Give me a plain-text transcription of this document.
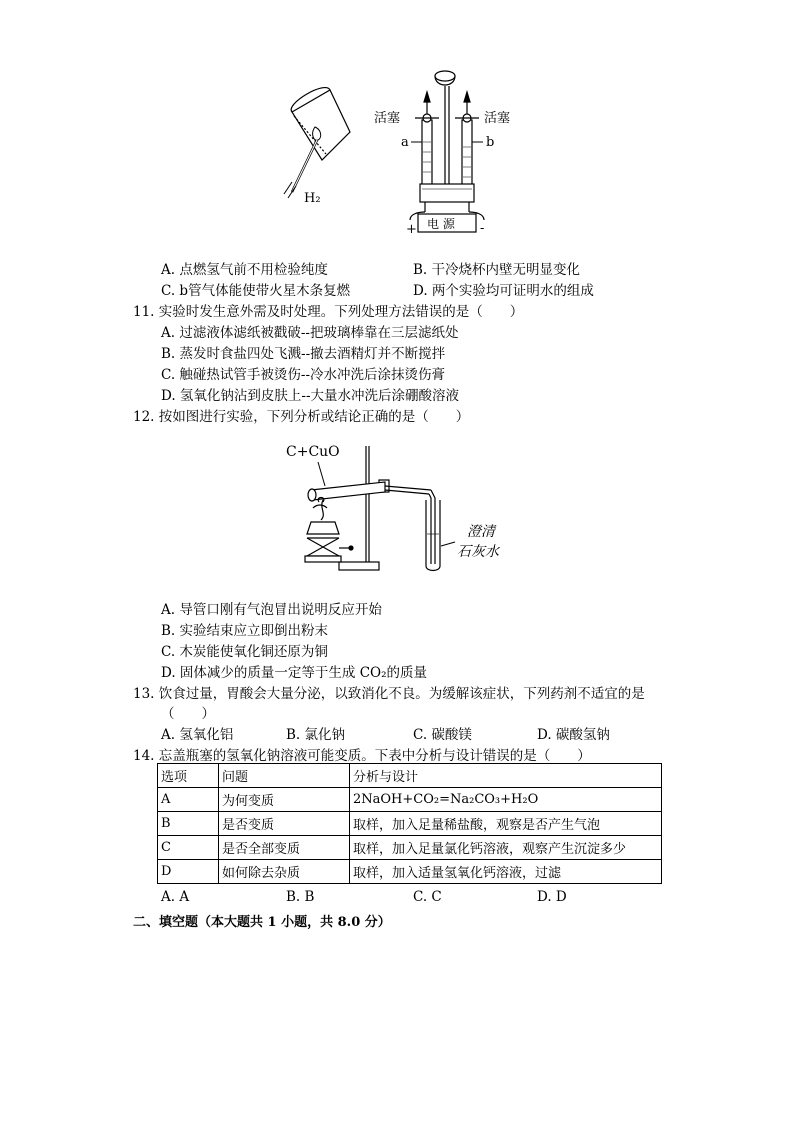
H₂
活塞	活塞
a	b
电 源
+	-
A. 点燃氢气前不用检验纯度	B. 干冷烧杯内壁无明显变化
C. b管气体能使带火星木条复燃	D. 两个实验均可证明水的组成
11. 实验时发生意外需及时处理。下列处理方法错误的是（　　）
A. 过滤液体滤纸被戳破--把玻璃棒靠在三层滤纸处
B. 蒸发时食盐四处飞溅--撤去酒精灯并不断搅拌
C. 触碰热试管手被烫伤--冷水冲洗后涂抹烫伤膏
D. 氢氧化钠沾到皮肤上--大量水冲洗后涂硼酸溶液
12. 按如图进行实验，下列分析或结论正确的是（　　）
C+CuO
澄清
石灰水
A. 导管口刚有气泡冒出说明反应开始
B. 实验结束应立即倒出粉末
C. 木炭能使氧化铜还原为铜
D. 固体减少的质量一定等于生成 CO₂的质量
13. 饮食过量，胃酸会大量分泌，以致消化不良。为缓解该症状，下列药剂不适宜的是
（　　）
A. 氢氧化铝	B. 氯化钠	C. 碳酸镁	D. 碳酸氢钠
14. 忘盖瓶塞的氢氧化钠溶液可能变质。下表中分析与设计错误的是（　　）
选项	问题	分析与设计
A	为何变质	2NaOH+CO₂=Na₂CO₃+H₂O
B	是否变质	取样，加入足量稀盐酸，观察是否产生气泡
C	是否全部变质	取样，加入足量氯化钙溶液，观察产生沉淀多少
D	如何除去杂质	取样，加入适量氢氧化钙溶液，过滤
A. A	B. B	C. C	D. D
二、填空题（本大题共 1 小题，共 8.0 分）
